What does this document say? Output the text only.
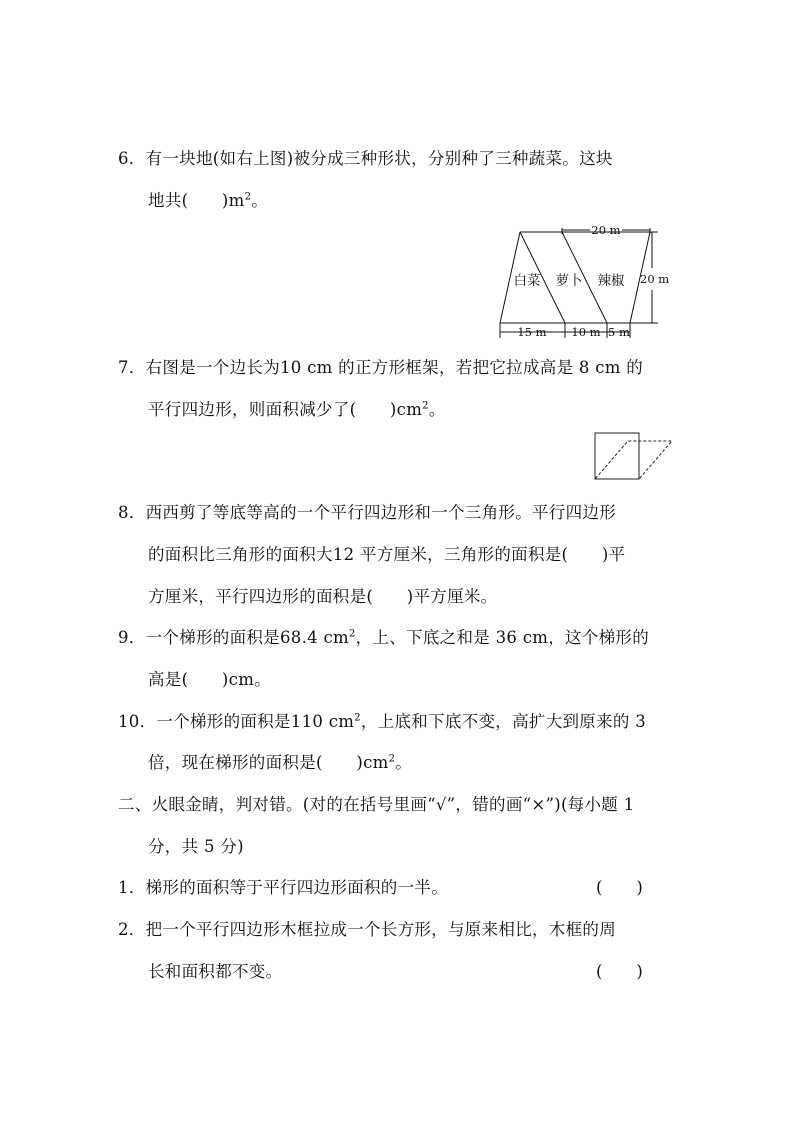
6．有一块地(如右上图)被分成三种形状，分别种了三种蔬菜。这块
地共(　　)$m^2$。
20 m
20 m
15 m 10 m 5 m
白菜 萝卜 辣椒
7．右图是一个边长为10 cm 的正方形框架，若把它拉成高是 8 cm 的
平行四边形，则面积减少了(　　)$cm^2$。
8．西西剪了等底等高的一个平行四边形和一个三角形。平行四边形
的面积比三角形的面积大12 平方厘米，三角形的面积是(　　)平
方厘米，平行四边形的面积是(　　)平方厘米。
9．一个梯形的面积是68.4 $cm^2$，上、下底之和是 36 cm，这个梯形的
高是(　　)cm。
10．一个梯形的面积是110 $cm^2$，上底和下底不变，高扩大到原来的 3
倍，现在梯形的面积是(　　)$cm^2$。
二、火眼金睛，判对错。(对的在括号里画“√”，错的画“×”)(每小题 1
分，共 5 分)
1．梯形的面积等于平行四边形面积的一半。	(　　)
2．把一个平行四边形木框拉成一个长方形，与原来相比，木框的周
长和面积都不变。	(　　)
